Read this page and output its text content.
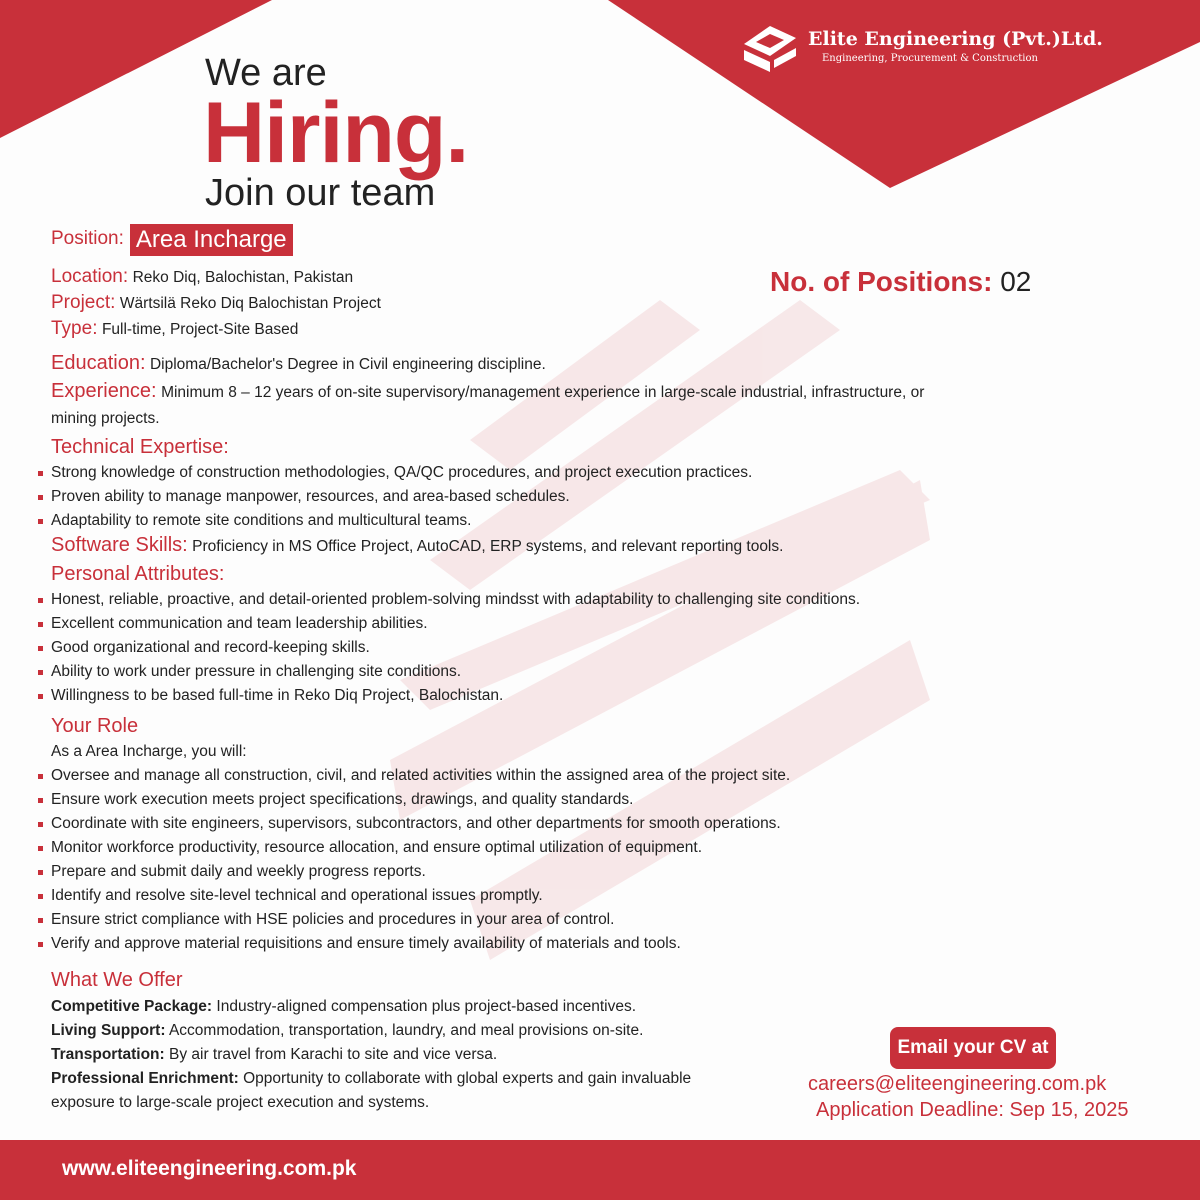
Elite Engineering (Pvt.)Ltd.
Engineering, Procurement & Construction
We are
Hiring.
Join our team
Position: Area Incharge
No. of Positions: 02
Location: Reko Diq, Balochistan, Pakistan
Project: Wärtsilä Reko Diq Balochistan Project
Type: Full-time, Project-Site Based
Education: Diploma/Bachelor's Degree in Civil engineering discipline.
Experience: Minimum 8 – 12 years of on-site supervisory/management experience in large-scale industrial, infrastructure, or
mining projects.
Technical Expertise:
Strong knowledge of construction methodologies, QA/QC procedures, and project execution practices.
Proven ability to manage manpower, resources, and area-based schedules.
Adaptability to remote site conditions and multicultural teams.
Software Skills: Proficiency in MS Office Project, AutoCAD, ERP systems, and relevant reporting tools.
Personal Attributes:
Honest, reliable, proactive, and detail-oriented problem-solving mindsst with adaptability to challenging site conditions.
Excellent communication and team leadership abilities.
Good organizational and record-keeping skills.
Ability to work under pressure in challenging site conditions.
Willingness to be based full-time in Reko Diq Project, Balochistan.
Your Role
As a Area Incharge, you will:
Oversee and manage all construction, civil, and related activities within the assigned area of the project site.
Ensure work execution meets project specifications, drawings, and quality standards.
Coordinate with site engineers, supervisors, subcontractors, and other departments for smooth operations.
Monitor workforce productivity, resource allocation, and ensure optimal utilization of equipment.
Prepare and submit daily and weekly progress reports.
Identify and resolve site-level technical and operational issues promptly.
Ensure strict compliance with HSE policies and procedures in your area of control.
Verify and approve material requisitions and ensure timely availability of materials and tools.
What We Offer
Competitive Package: Industry-aligned compensation plus project-based incentives.
Living Support: Accommodation, transportation, laundry, and meal provisions on-site.
Transportation: By air travel from Karachi to site and vice versa.
Professional Enrichment: Opportunity to collaborate with global experts and gain invaluable
exposure to large-scale project execution and systems.
Email your CV at
careers@eliteengineering.com.pk
Application Deadline: Sep 15, 2025
www.eliteengineering.com.pk
